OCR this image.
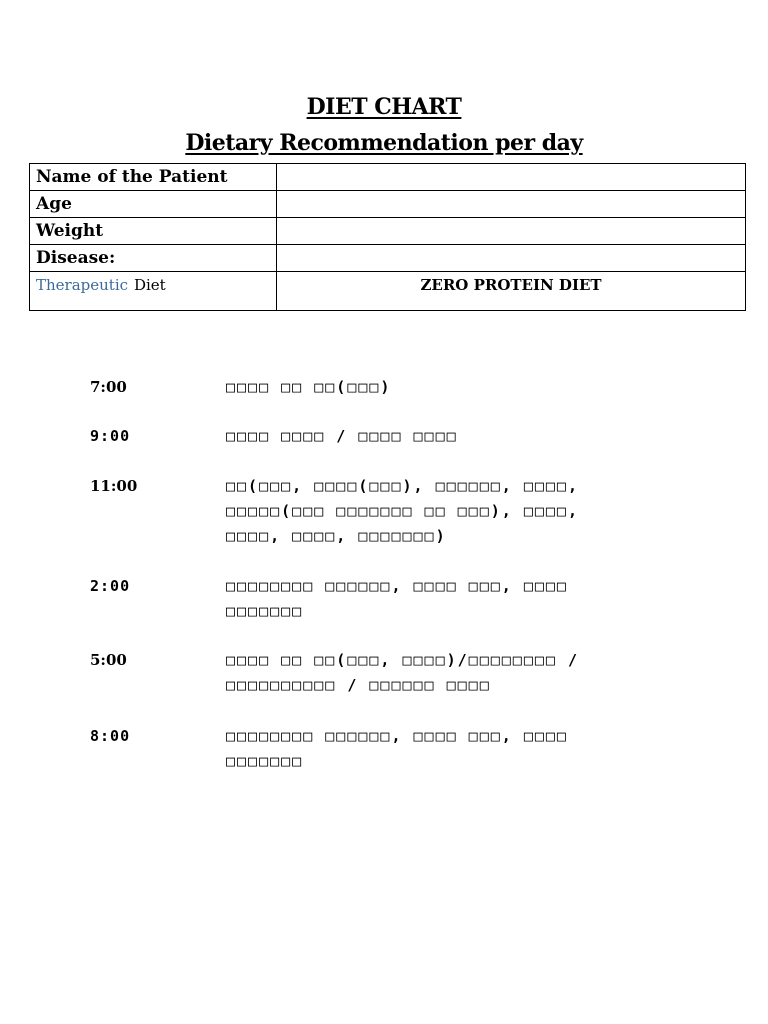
DIET CHART
Dietary Recommendation per day
Name of the Patient	
Age	
Weight	
Disease:	
Therapeutic Diet	ZERO PROTEIN DIET
7:00	□□□□ □□ □□(□□□)
9:00	□□□□ □□□□ / □□□□ □□□□
11:00	□□(□□□, □□□□(□□□), □□□□□□, □□□□,
□□□□□(□□□ □□□□□□□ □□ □□□), □□□□,
□□□□, □□□□, □□□□□□□)
2:00	□□□□□□□□ □□□□□□, □□□□ □□□, □□□□
□□□□□□□
5:00	□□□□ □□ □□(□□□, □□□□)/□□□□□□□□ /
□□□□□□□□□□ / □□□□□□ □□□□
8:00	□□□□□□□□ □□□□□□, □□□□ □□□, □□□□
□□□□□□□
